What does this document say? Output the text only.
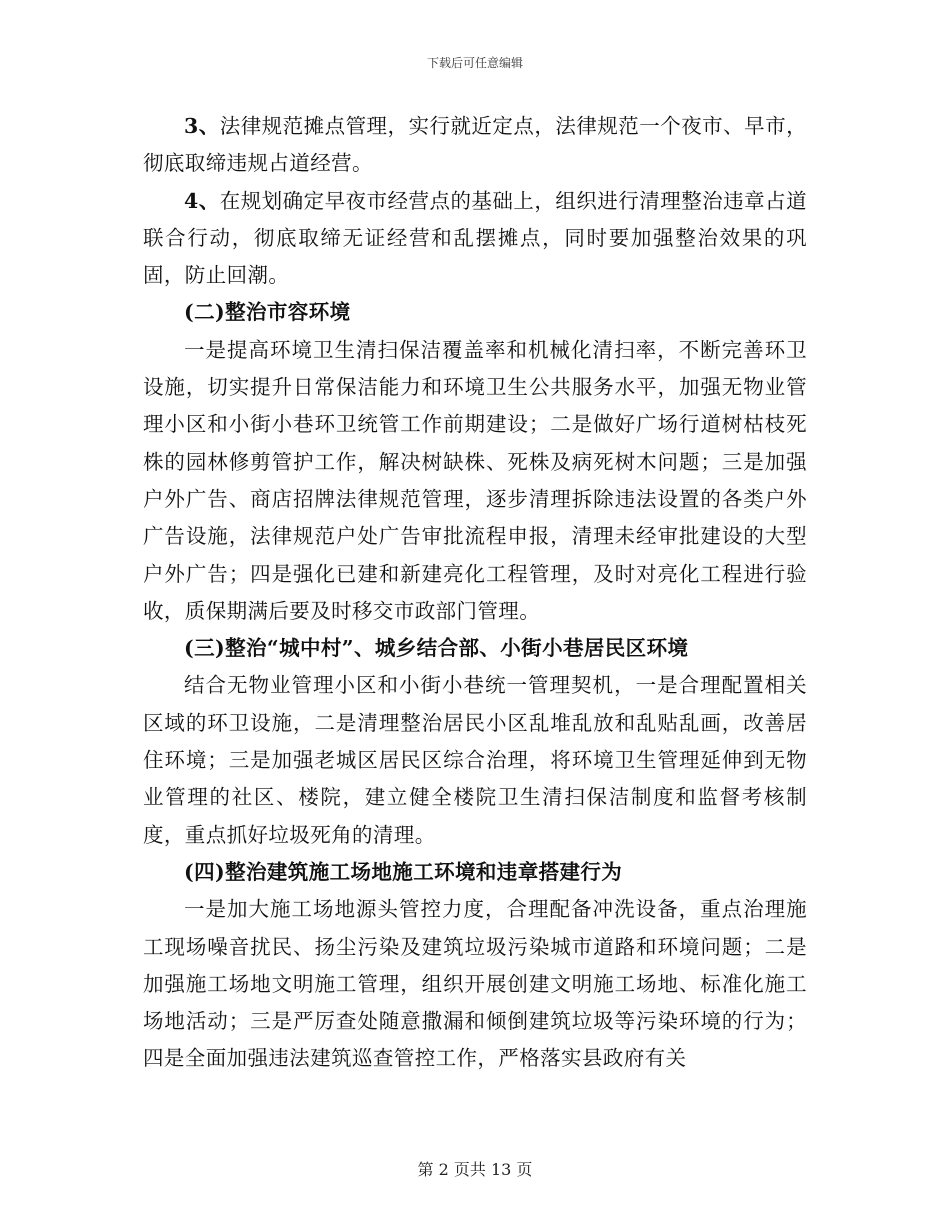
下载后可任意编辑

3、法律规范摊点管理，实行就近定点，法律规范一个夜市、早市，彻底取缔违规占道经营。

4、在规划确定早夜市经营点的基础上，组织进行清理整治违章占道联合行动，彻底取缔无证经营和乱摆摊点，同时要加强整治效果的巩固，防止回潮。

(二)整治市容环境

一是提高环境卫生清扫保洁覆盖率和机械化清扫率，不断完善环卫设施，切实提升日常保洁能力和环境卫生公共服务水平，加强无物业管理小区和小街小巷环卫统管工作前期建设；二是做好广场行道树枯枝死株的园林修剪管护工作，解决树缺株、死株及病死树木问题；三是加强户外广告、商店招牌法律规范管理，逐步清理拆除违法设置的各类户外广告设施，法律规范户处广告审批流程申报，清理未经审批建设的大型户外广告；四是强化已建和新建亮化工程管理，及时对亮化工程进行验收，质保期满后要及时移交市政部门管理。

(三)整治“城中村”、城乡结合部、小街小巷居民区环境

结合无物业管理小区和小街小巷统一管理契机，一是合理配置相关区域的环卫设施，二是清理整治居民小区乱堆乱放和乱贴乱画，改善居住环境；三是加强老城区居民区综合治理，将环境卫生管理延伸到无物业管理的社区、楼院，建立健全楼院卫生清扫保洁制度和监督考核制度，重点抓好垃圾死角的清理。

(四)整治建筑施工场地施工环境和违章搭建行为

一是加大施工场地源头管控力度，合理配备冲洗设备，重点治理施工现场噪音扰民、扬尘污染及建筑垃圾污染城市道路和环境问题；二是加强施工场地文明施工管理，组织开展创建文明施工场地、标准化施工场地活动；三是严厉查处随意撒漏和倾倒建筑垃圾等污染环境的行为；四是全面加强违法建筑巡查管控工作，严格落实县政府有关

第 2 页共 13 页
